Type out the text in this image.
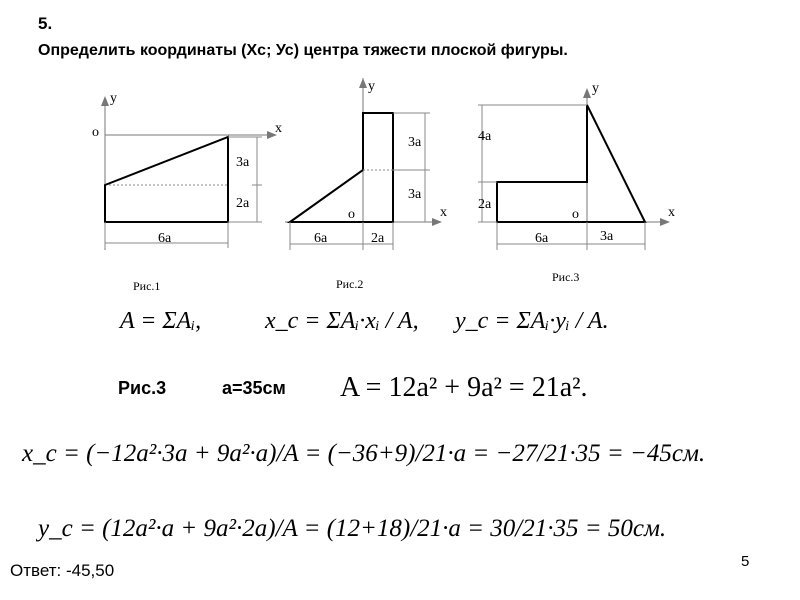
5.
Определить координаты (Xc; Ус) центра тяжести плоской фигуры.
y
x
o
3a
2a
6a
Рис.1
y
x
o
3a
3a
6a	2a
Рис.2
y
x
o
4a
2a
6a	3a
Рис.3
A = ΣAᵢ,	x_c = ΣAᵢ·xᵢ / A, y_c = ΣAᵢ·yᵢ / A.
Рис.3	a=35см A = 12a² + 9a² = 21a².
x_c = (−12a²·3a + 9a²·a)/A = (−36+9)/21·a = −27/21·35 = −45см.
y_c = (12a²·a + 9a²·2a)/A = (12+18)/21·a = 30/21·35 = 50см.
Ответ: -45,50	5
